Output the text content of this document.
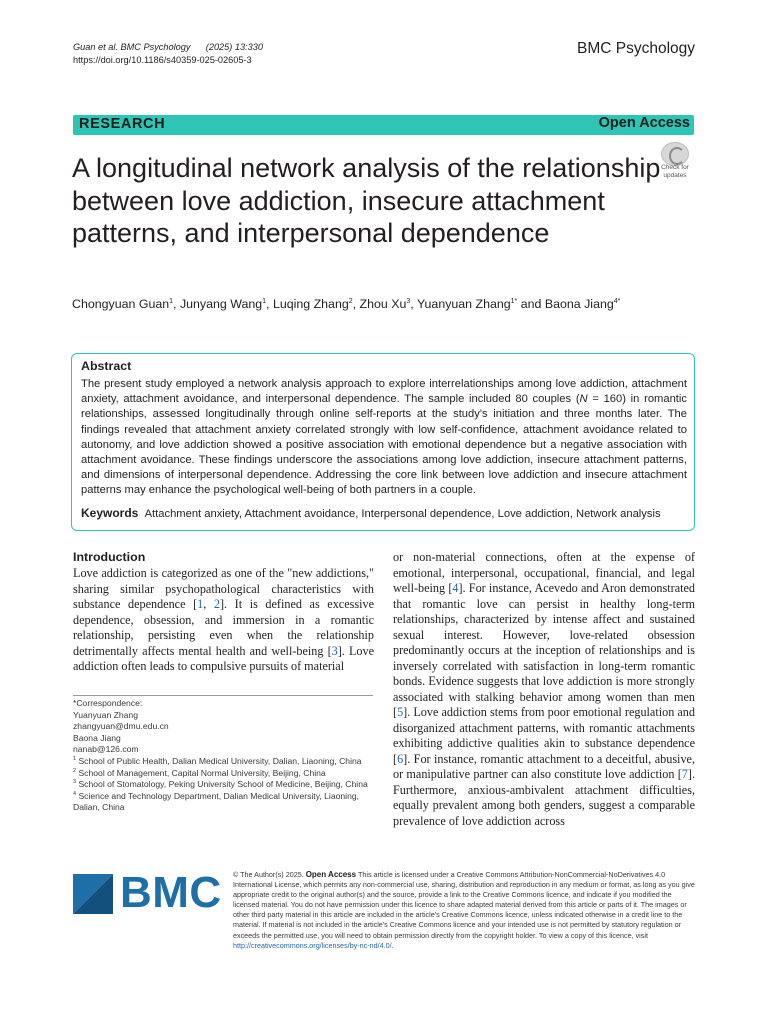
Guan et al. BMC Psychology (2025) 13:330
https://doi.org/10.1186/s40359-025-02605-3
BMC Psychology
RESEARCH	Open Access
A longitudinal network analysis of the relationship between love addiction, insecure attachment patterns, and interpersonal dependence
Check for updates
Chongyuan Guan$^1$, Junyang Wang$^1$, Luqing Zhang$^2$, Zhou Xu$^3$, Yuanyuan Zhang$^{1*}$ and Baona Jiang$^{4*}$
Abstract
The present study employed a network analysis approach to explore interrelationships among love addiction, attachment anxiety, attachment avoidance, and interpersonal dependence. The sample included 80 couples (N = 160) in romantic relationships, assessed longitudinally through online self-reports at the study's initiation and three months later. The findings revealed that attachment anxiety correlated strongly with low self-confidence, attachment avoidance related to autonomy, and love addiction showed a positive association with emotional dependence but a negative association with attachment avoidance. These findings underscore the associations among love addiction, insecure attachment patterns, and dimensions of interpersonal dependence. Addressing the core link between love addiction and insecure attachment patterns may enhance the psychological well-being of both partners in a couple.
Keywords Attachment anxiety, Attachment avoidance, Interpersonal dependence, Love addiction, Network analysis
Introduction
Love addiction is categorized as one of the "new addictions," sharing similar psychopathological characteristics with substance dependence [1, 2]. It is defined as excessive dependence, obsession, and immersion in a romantic relationship, persisting even when the relationship detrimentally affects mental health and well-being [3]. Love addiction often leads to compulsive pursuits of material
or non-material connections, often at the expense of emotional, interpersonal, occupational, financial, and legal well-being [4]. For instance, Acevedo and Aron demonstrated that romantic love can persist in healthy long-term relationships, characterized by intense affect and sustained sexual interest. However, love-related obsession predominantly occurs at the inception of relationships and is inversely correlated with satisfaction in long-term romantic bonds. Evidence suggests that love addiction is more strongly associated with stalking behavior among women than men [5]. Love addiction stems from poor emotional regulation and disorganized attachment patterns, with romantic attachments exhibiting addictive qualities akin to substance dependence [6]. For instance, romantic attachment to a deceitful, abusive, or manipulative partner can also constitute love addiction [7]. Furthermore, anxious-ambivalent attachment difficulties, equally prevalent among both genders, suggest a comparable prevalence of love addiction across
*Correspondence:
Yuanyuan Zhang
zhangyuan@dmu.edu.cn
Baona Jiang
nanab@126.com
$^1$ School of Public Health, Dalian Medical University, Dalian, Liaoning, China
$^2$ School of Management, Capital Normal University, Beijing, China
$^3$ School of Stomatology, Peking University School of Medicine, Beijing, China
$^4$ Science and Technology Department, Dalian Medical University, Liaoning, Dalian, China
BMC © The Author(s) 2025. Open Access This article is licensed under a Creative Commons Attribution-NonCommercial-NoDerivatives 4.0 International License, which permits any non-commercial use, sharing, distribution and reproduction in any medium or format, as long as you give appropriate credit to the original author(s) and the source, provide a link to the Creative Commons licence, and indicate if you modified the licensed material. You do not have permission under this licence to share adapted material derived from this article or parts of it. The images or other third party material in this article are included in the article's Creative Commons licence, unless indicated otherwise in a credit line to the material. If material is not included in the article's Creative Commons licence and your intended use is not permitted by statutory regulation or exceeds the permitted use, you will need to obtain permission directly from the copyright holder. To view a copy of this licence, visit http://creativecommons.org/licenses/by-nc-nd/4.0/.
